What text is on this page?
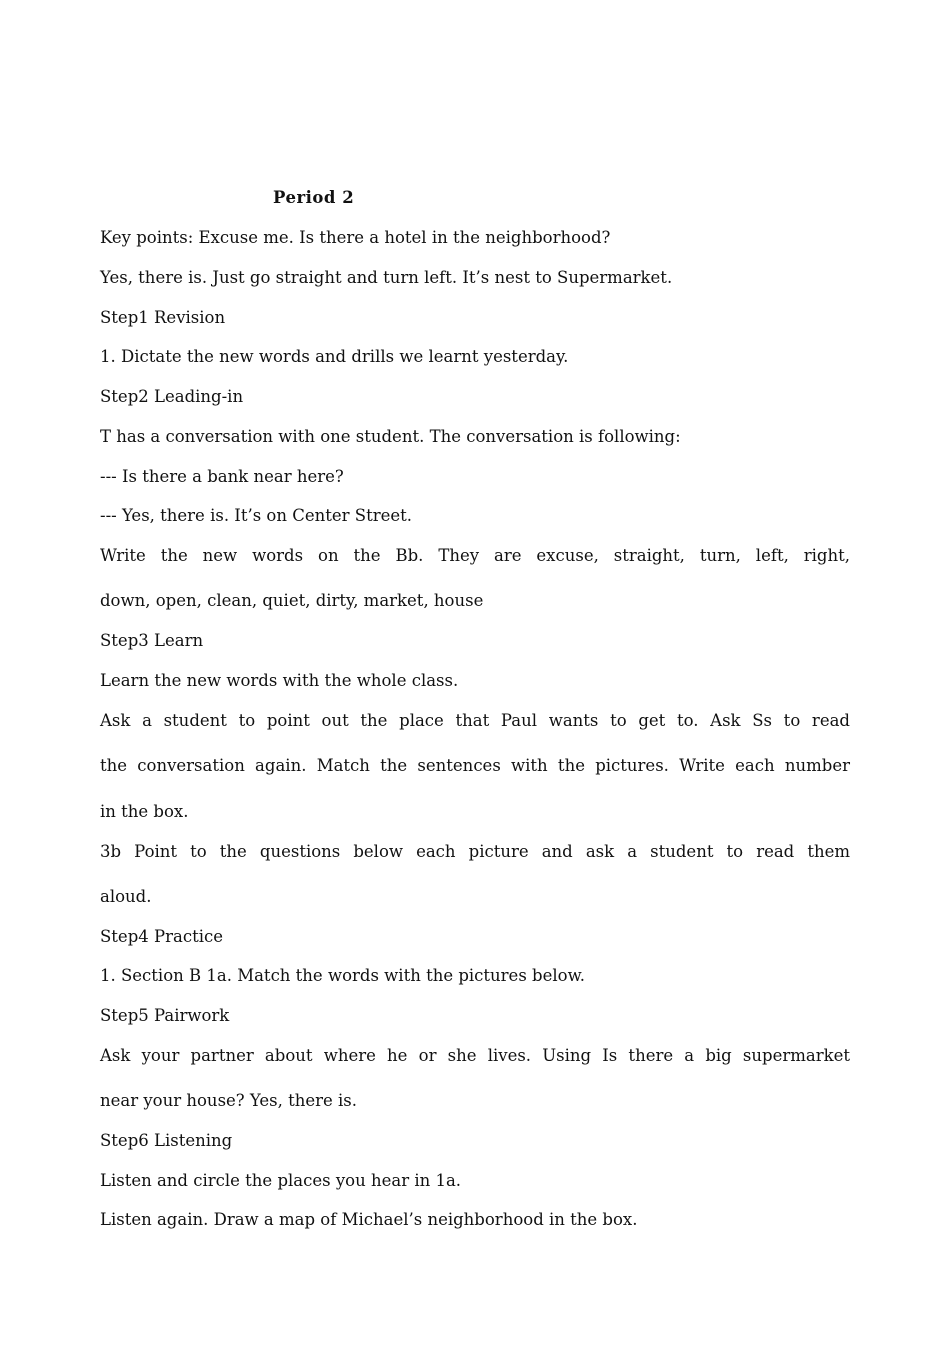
Period 2
Key points: Excuse me. Is there a hotel in the neighborhood?
Yes, there is. Just go straight and turn left. It’s nest to Supermarket.
Step1 Revision
1. Dictate the new words and drills we learnt yesterday.
Step2 Leading-in
T has a conversation with one student. The conversation is following:
--- Is there a bank near here?
--- Yes, there is. It’s on Center Street.
Write the new words on the Bb. They are excuse, straight, turn, left, right,
down, open, clean, quiet, dirty, market, house
Step3 Learn
Learn the new words with the whole class.
Ask a student to point out the place that Paul wants to get to. Ask Ss to read
the conversation again. Match the sentences with the pictures. Write each number
in the box.
3b Point to the questions below each picture and ask a student to read them
aloud.
Step4 Practice
1. Section B 1a. Match the words with the pictures below.
Step5 Pairwork
Ask your partner about where he or she lives. Using Is there a big supermarket
near your house? Yes, there is.
Step6 Listening
Listen and circle the places you hear in 1a.
Listen again. Draw a map of Michael’s neighborhood in the box.
